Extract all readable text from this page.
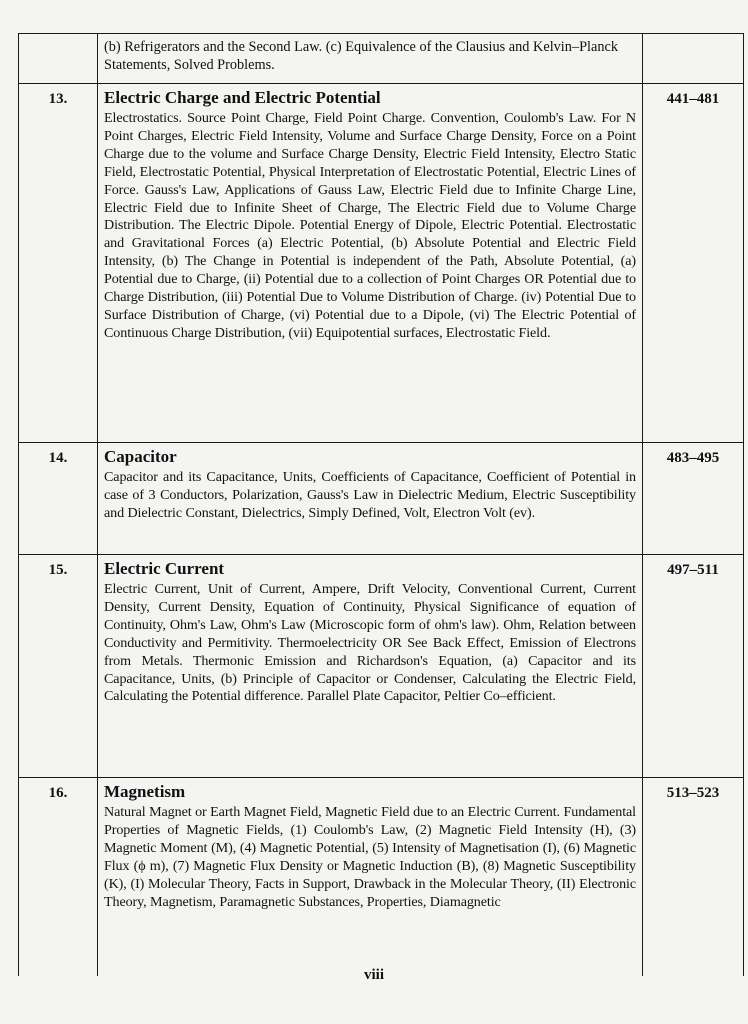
	(b) Refrigerators and the Second Law. (c) Equivalence of the Clausius and Kelvin–Planck Statements, Solved Problems.	

13.	Electric Charge and Electric Potential
Electrostatics. Source Point Charge, Field Point Charge. Convention, Coulomb's Law. For N Point Charges, Electric Field Intensity, Volume and Surface Charge Density, Force on a Point Charge due to the volume and Surface Charge Density, Electric Field Intensity, Electro Static Field, Electrostatic Potential, Physical Interpretation of Electrostatic Potential, Electric Lines of Force. Gauss's Law, Applications of Gauss Law, Electric Field due to Infinite Charge Line, Electric Field due to Infinite Sheet of Charge, The Electric Field due to Volume Charge Distribution. The Electric Dipole. Potential Energy of Dipole, Electric Potential. Electrostatic and Gravitational Forces (a) Electric Potential, (b) Absolute Potential and Electric Field Intensity, (b) The Change in Potential is independent of the Path, Absolute Potential, (a) Potential due to Charge, (ii) Potential due to a collection of Point Charges OR Potential due to Charge Distribution, (iii) Potential Due to Volume Distribution of Charge. (iv) Potential Due to Surface Distribution of Charge, (vi) Potential due to a Dipole, (vi) The Electric Potential of Continuous Charge Distribution, (vii) Equipotential surfaces, Electrostatic Field.	441–481

14.	Capacitor
Capacitor and its Capacitance, Units, Coefficients of Capacitance, Coefficient of Potential in case of 3 Conductors, Polarization, Gauss's Law in Dielectric Medium, Electric Susceptibility and Dielectric Constant, Dielectrics, Simply Defined, Volt, Electron Volt (ev).	483–495

15.	Electric Current
Electric Current, Unit of Current, Ampere, Drift Velocity, Conventional Current, Current Density, Current Density, Equation of Continuity, Physical Significance of equation of Continuity, Ohm's Law, Ohm's Law (Microscopic form of ohm's law). Ohm, Relation between Conductivity and Permitivity. Thermoelectricity OR See Back Effect, Emission of Electrons from Metals. Thermonic Emission and Richardson's Equation, (a) Capacitor and its Capacitance, Units, (b) Principle of Capacitor or Condenser, Calculating the Electric Field, Calculating the Potential difference. Parallel Plate Capacitor, Peltier Co–efficient.	497–511

16.	Magnetism
Natural Magnet or Earth Magnet Field, Magnetic Field due to an Electric Current. Fundamental Properties of Magnetic Fields, (1) Coulomb's Law, (2) Magnetic Field Intensity (H), (3) Magnetic Moment (M), (4) Magnetic Potential, (5) Intensity of Magnetisation (I), (6) Magnetic Flux (ϕ m), (7) Magnetic Flux Density or Magnetic Induction (B), (8) Magnetic Susceptibility (K), (I) Molecular Theory, Facts in Support, Drawback in the Molecular Theory, (II) Electronic Theory, Magnetism, Paramagnetic Substances, Properties, Diamagnetic	513–523
viii
